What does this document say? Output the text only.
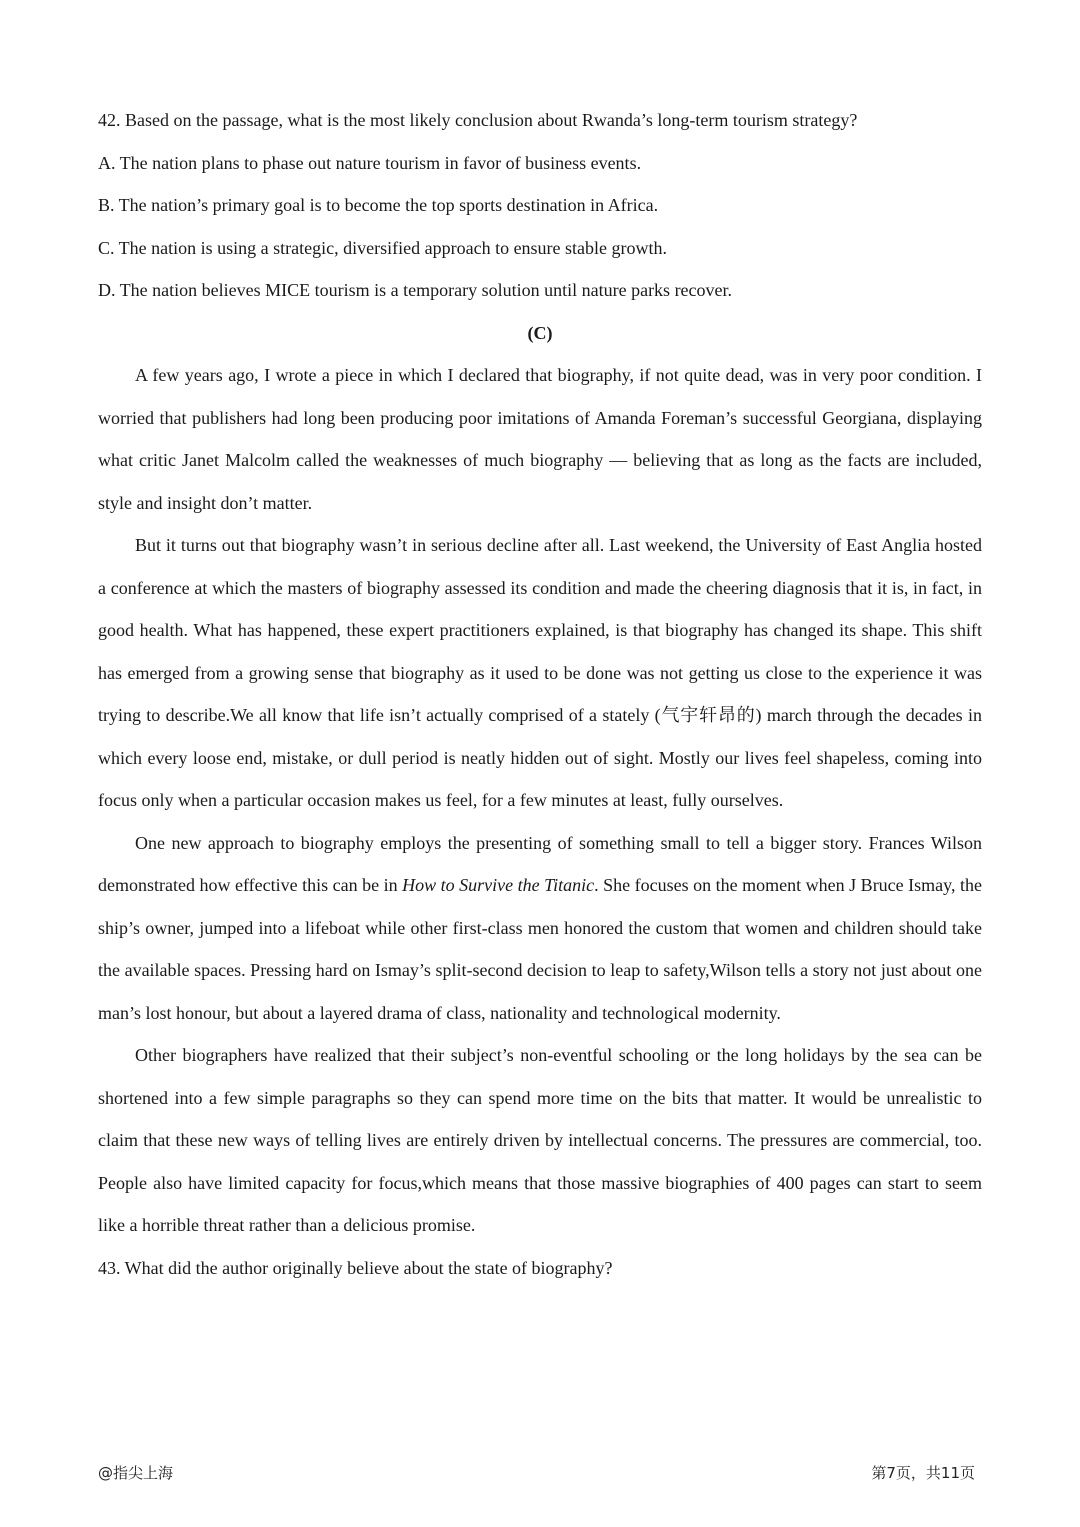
42. Based on the passage, what is the most likely conclusion about Rwanda’s long-term tourism strategy?

A. The nation plans to phase out nature tourism in favor of business events.

B. The nation’s primary goal is to become the top sports destination in Africa.

C. The nation is using a strategic, diversified approach to ensure stable growth.

D. The nation believes MICE tourism is a temporary solution until nature parks recover.

(C)

A few years ago, I wrote a piece in which I declared that biography, if not quite dead, was in very poor condition. I worried that publishers had long been producing poor imitations of Amanda Foreman’s successful Georgiana, displaying what critic Janet Malcolm called the weaknesses of much biography — believing that as long as the facts are included, style and insight don’t matter.

But it turns out that biography wasn’t in serious decline after all. Last weekend, the University of East Anglia hosted a conference at which the masters of biography assessed its condition and made the cheering diagnosis that it is, in fact, in good health. What has happened, these expert practitioners explained, is that biography has changed its shape. This shift has emerged from a growing sense that biography as it used to be done was not getting us close to the experience it was trying to describe.We all know that life isn’t actually comprised of a stately (气宇轩昂的) march through the decades in which every loose end, mistake, or dull period is neatly hidden out of sight. Mostly our lives feel shapeless, coming into focus only when a particular occasion makes us feel, for a few minutes at least, fully ourselves.

One new approach to biography employs the presenting of something small to tell a bigger story. Frances Wilson demonstrated how effective this can be in How to Survive the Titanic. She focuses on the moment when J Bruce Ismay, the ship’s owner, jumped into a lifeboat while other first-class men honored the custom that women and children should take the available spaces. Pressing hard on Ismay’s split-second decision to leap to safety,Wilson tells a story not just about one man’s lost honour, but about a layered drama of class, nationality and technological modernity.

Other biographers have realized that their subject’s non-eventful schooling or the long holidays by the sea can be shortened into a few simple paragraphs so they can spend more time on the bits that matter. It would be unrealistic to claim that these new ways of telling lives are entirely driven by intellectual concerns. The pressures are commercial, too. People also have limited capacity for focus,which means that those massive biographies of 400 pages can start to seem like a horrible threat rather than a delicious promise.

43. What did the author originally believe about the state of biography?

@指尖上海	第7页，共11页
